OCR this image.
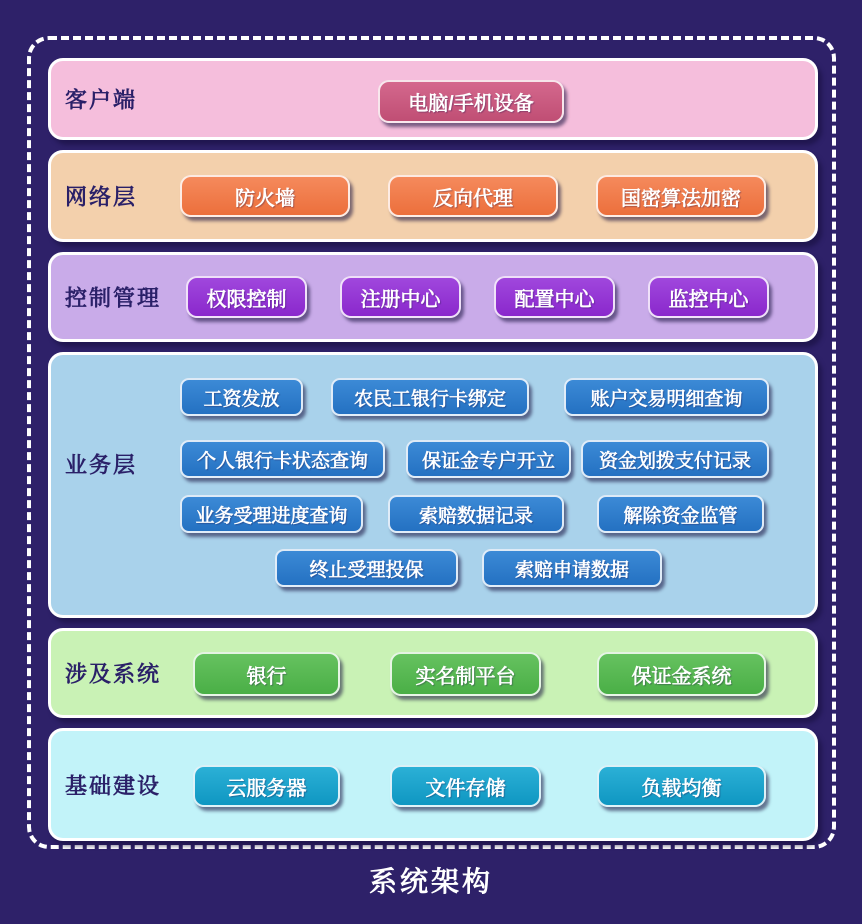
客户端	电脑/手机设备
网络层	防火墙	反向代理	国密算法加密
控制管理	权限控制	注册中心	配置中心	监控中心
业务层
工资发放	农民工银行卡绑定	账户交易明细查询
个人银行卡状态查询	保证金专户开立	资金划拨支付记录
业务受理进度查询	索赔数据记录	解除资金监管
终止受理投保	索赔申请数据
涉及系统	银行	实名制平台	保证金系统
基础建设	云服务器	文件存储	负载均衡
系统架构
